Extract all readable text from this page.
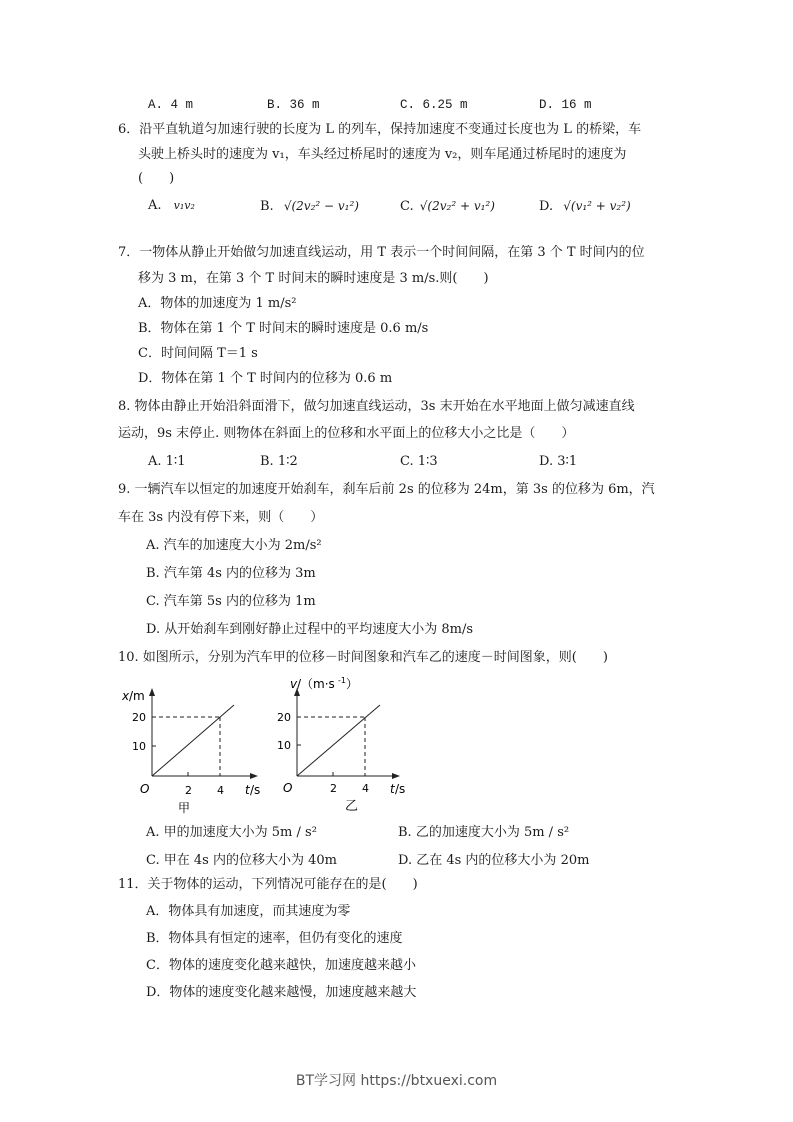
A. 4 m	B. 36 m	C. 6.25 m	D. 16 m
6．沿平直轨道匀加速行驶的长度为 L 的列车，保持加速度不变通过长度也为 L 的桥梁，车
头驶上桥头时的速度为 v₁，车头经过桥尾时的速度为 v₂，则车尾通过桥尾时的速度为
(　　)
A. v₁v₂	B. √(2v₂² − v₁²)	C. √(2v₂² + v₁²)	D. √(v₁² + v₂²)
7．一物体从静止开始做匀加速直线运动，用 T 表示一个时间间隔，在第 3 个 T 时间内的位
移为 3 m，在第 3 个 T 时间末的瞬时速度是 3 m/s.则(　　)
A．物体的加速度为 1 m/s²
B．物体在第 1 个 T 时间末的瞬时速度是 0.6 m/s
C．时间间隔 T＝1 s
D．物体在第 1 个 T 时间内的位移为 0.6 m
8. 物体由静止开始沿斜面滑下，做匀加速直线运动，3s 末开始在水平地面上做匀减速直线
运动，9s 末停止. 则物体在斜面上的位移和水平面上的位移大小之比是（　　）
A. 1∶1	B. 1∶2	C. 1∶3	D. 3∶1
9. 一辆汽车以恒定的加速度开始刹车，刹车后前 2s 的位移为 24m，第 3s 的位移为 6m，汽
车在 3s 内没有停下来，则（　　）
A. 汽车的加速度大小为 2m/s²
B. 汽车第 4s 内的位移为 3m
C. 汽车第 5s 内的位移为 1m
D. 从开始刹车到刚好静止过程中的平均速度大小为 8m/s
10. 如图所示，分别为汽车甲的位移－时间图象和汽车乙的速度－时间图象，则(　　)
x /m
20
10
O	2 4 t /s
甲
v /（m·s -1 ）
20
10
O	2 4 t /s
乙
A. 甲的加速度大小为 5m / s²	B. 乙的加速度大小为 5m / s²
C. 甲在 4s 内的位移大小为 40m	D. 乙在 4s 内的位移大小为 20m
11．关于物体的运动，下列情况可能存在的是(　　)
A．物体具有加速度，而其速度为零
B．物体具有恒定的速率，但仍有变化的速度
C．物体的速度变化越来越快，加速度越来越小
D．物体的速度变化越来越慢，加速度越来越大
BT学习网 https://btxuexi.com
